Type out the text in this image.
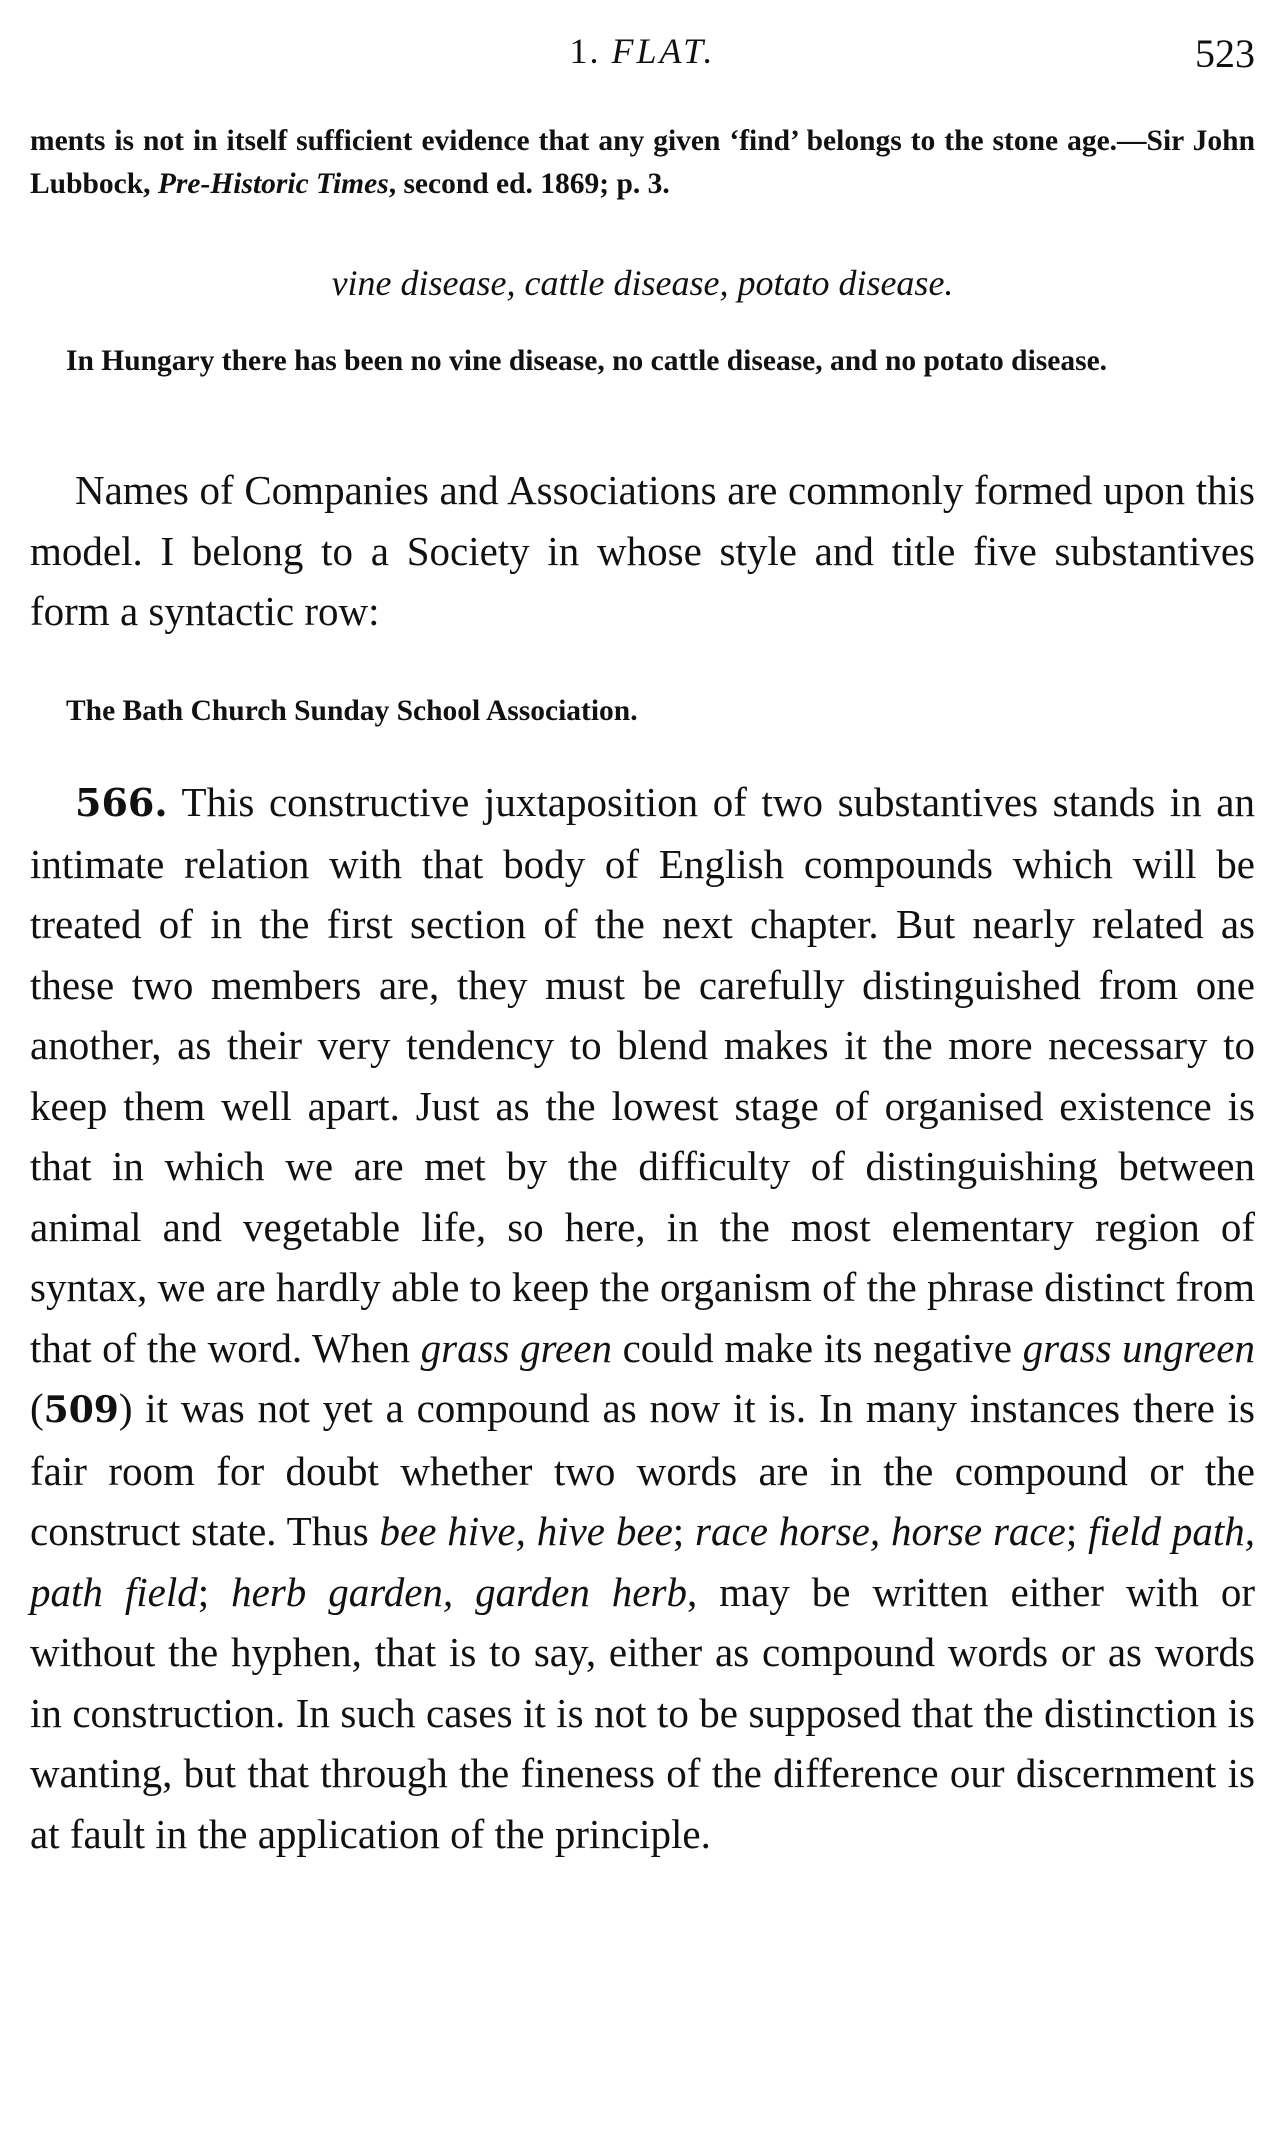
1. FLAT.	523
ments is not in itself sufficient evidence that any given ‘find’ belongs to the stone age.—Sir John Lubbock, Pre-Historic Times, second ed. 1869; p. 3.
vine disease, cattle disease, potato disease.
In Hungary there has been no vine disease, no cattle disease, and no potato disease.
Names of Companies and Associations are commonly formed upon this model. I belong to a Society in whose style and title five substantives form a syntactic row:
The Bath Church Sunday School Association.
566. This constructive juxtaposition of two substantives stands in an intimate relation with that body of English compounds which will be treated of in the first section of the next chapter. But nearly related as these two members are, they must be carefully distinguished from one another, as their very tendency to blend makes it the more necessary to keep them well apart. Just as the lowest stage of organised existence is that in which we are met by the difficulty of distinguishing between animal and vegetable life, so here, in the most elementary region of syntax, we are hardly able to keep the organism of the phrase distinct from that of the word. When grass green could make its negative grass ungreen (509) it was not yet a compound as now it is. In many instances there is fair room for doubt whether two words are in the compound or the construct state. Thus bee hive, hive bee; race horse, horse race; field path, path field; herb garden, garden herb, may be written either with or without the hyphen, that is to say, either as compound words or as words in construction. In such cases it is not to be supposed that the distinction is wanting, but that through the fineness of the difference our discernment is at fault in the application of the principle.
